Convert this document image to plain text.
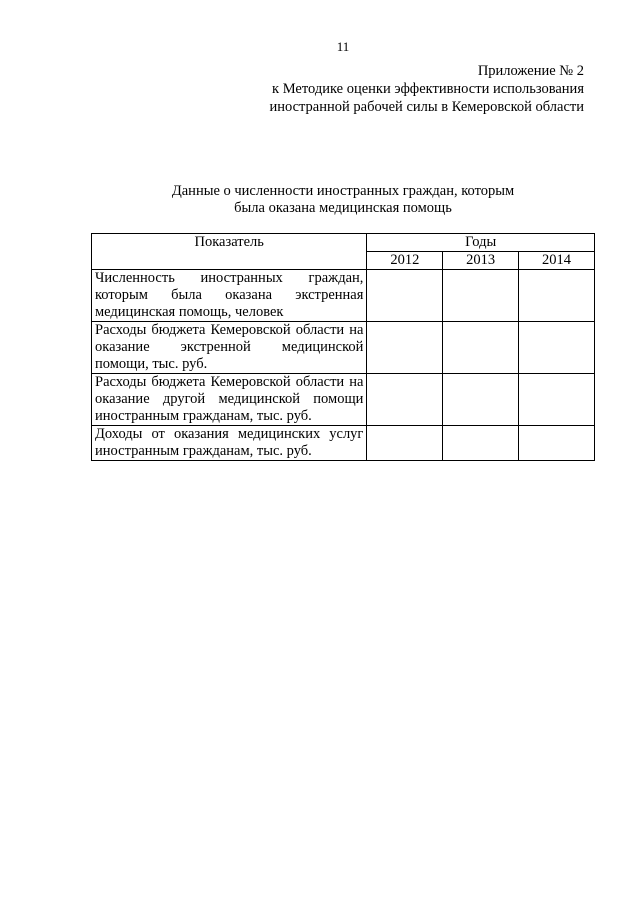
11
Приложение № 2
к Методике оценки эффективности использования
иностранной рабочей силы в Кемеровской области
Данные о численности иностранных граждан, которым
была оказана медицинская помощь
Показатель	Годы		
	2012	2013	2014
Численность иностранных граждан, которым была оказана экстренная медицинская помощь, человек			
Расходы бюджета Кемеровской области на оказание экстренной медицинской помощи, тыс. руб.			
Расходы бюджета Кемеровской области на оказание другой медицинской помощи иностранным гражданам, тыс. руб.			
Доходы от оказания медицинских услуг иностранным гражданам, тыс. руб.			
